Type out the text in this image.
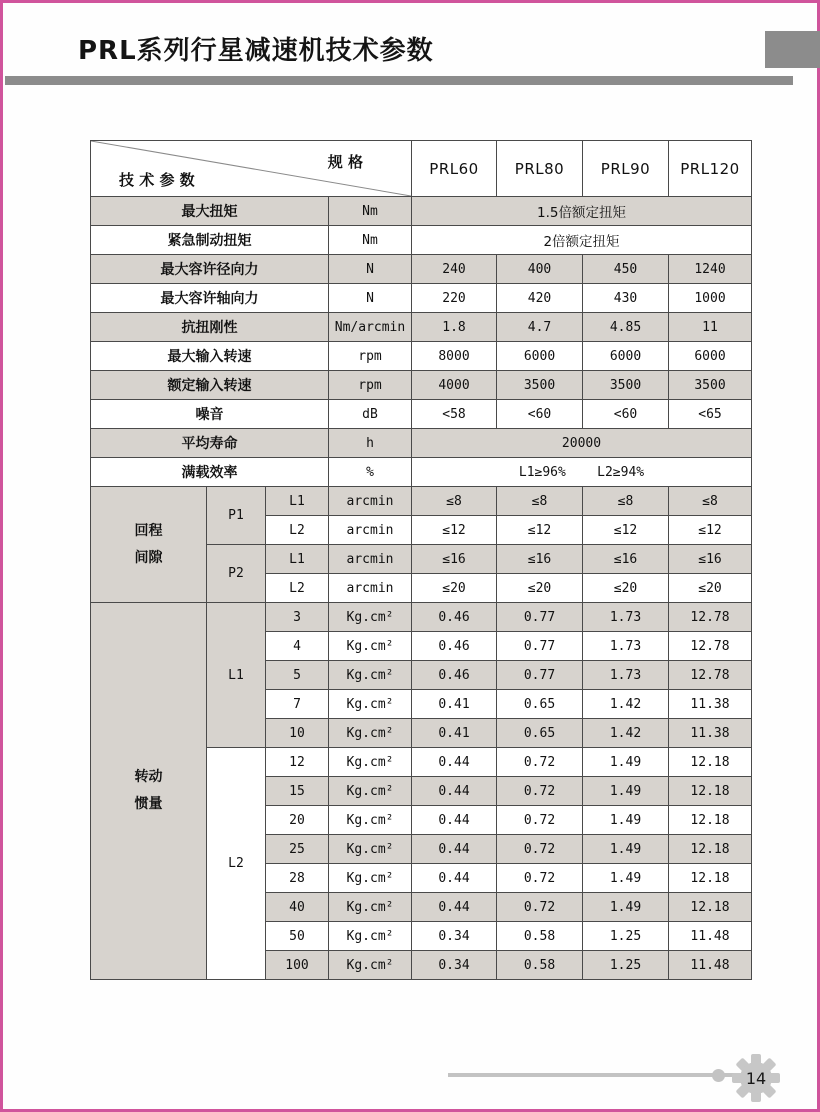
PRL系列行星减速机技术参数
规 格
技 术 参 数				PRL60	PRL80	PRL90	PRL120
最大扭矩			Nm	1.5倍额定扭矩			
紧急制动扭矩			Nm	2倍额定扭矩			
最大容许径向力			N	240	400	450	1240
最大容许轴向力			N	220	420	430	1000
抗扭刚性			Nm/arcmin	1.8	4.7	4.85	11
最大输入转速			rpm	8000	6000	6000	6000
额定输入转速			rpm	4000	3500	3500	3500
噪音			dB	<58	<60	<60	<65
平均寿命			h	20000			
满载效率			%	L1≥96%    L2≥94%			

回程
间隙	P1	L1	arcmin	≤8	≤8	≤8	≤8
		L2	arcmin	≤12	≤12	≤12	≤12
	P2	L1	arcmin	≤16	≤16	≤16	≤16
		L2	arcmin	≤20	≤20	≤20	≤20

转动
惯量	L1	3	Kg.cm²	0.46	0.77	1.73	12.78
		4	Kg.cm²	0.46	0.77	1.73	12.78
		5	Kg.cm²	0.46	0.77	1.73	12.78
		7	Kg.cm²	0.41	0.65	1.42	11.38
		10	Kg.cm²	0.41	0.65	1.42	11.38
	L2	12	Kg.cm²	0.44	0.72	1.49	12.18
		15	Kg.cm²	0.44	0.72	1.49	12.18
		20	Kg.cm²	0.44	0.72	1.49	12.18
		25	Kg.cm²	0.44	0.72	1.49	12.18
		28	Kg.cm²	0.44	0.72	1.49	12.18
		40	Kg.cm²	0.44	0.72	1.49	12.18
		50	Kg.cm²	0.34	0.58	1.25	11.48
		100	Kg.cm²	0.34	0.58	1.25	11.48
14
